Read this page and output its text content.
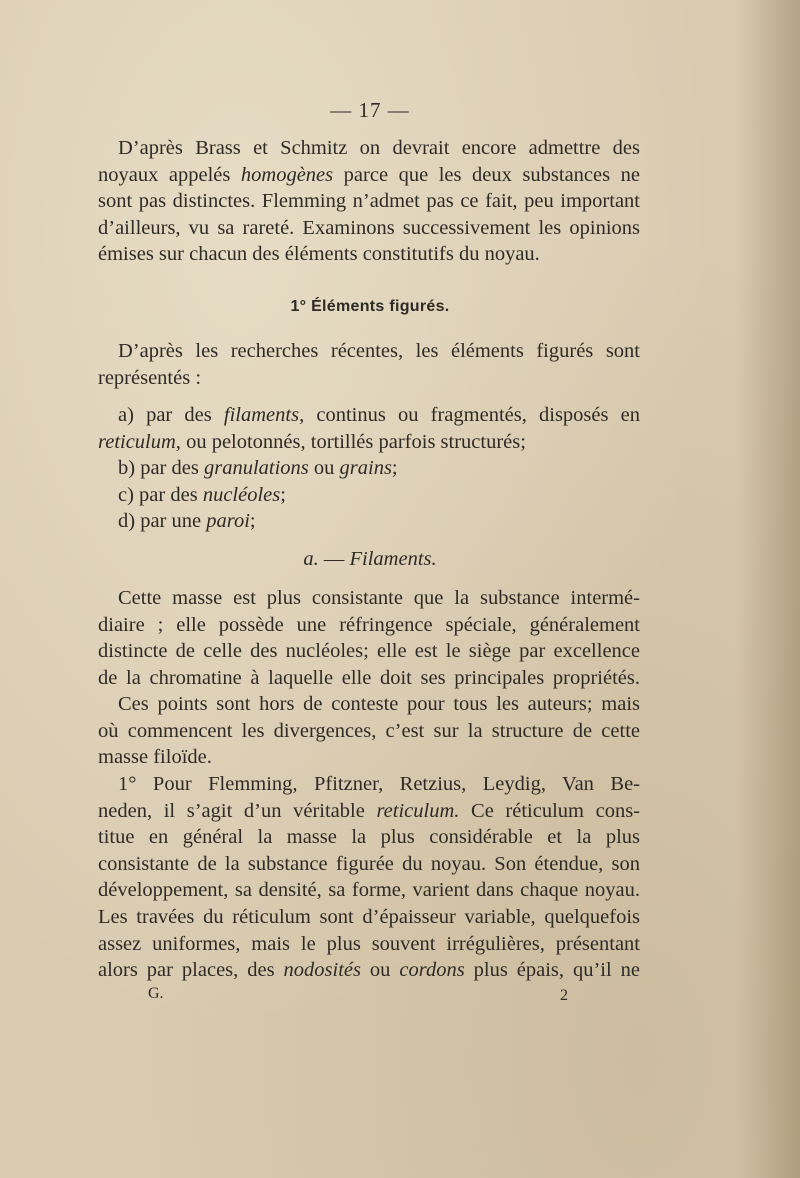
— 17 —
D’après Brass et Schmitz on devrait encore admettre des
noyaux appelés homogènes parce que les deux substances ne
sont pas distinctes. Flemming n’admet pas ce fait, peu important
d’ailleurs, vu sa rareté. Examinons successivement les opinions
émises sur chacun des éléments constitutifs du noyau.
1° Éléments figurés.
D’après les recherches récentes, les éléments figurés sont
représentés :
a) par des filaments, continus ou fragmentés, disposés en
reticulum, ou pelotonnés, tortillés parfois structurés;
b) par des granulations ou grains;
c) par des nucléoles;
d) par une paroi;
a. — Filaments.
Cette masse est plus consistante que la substance intermé-
diaire ; elle possède une réfringence spéciale, généralement
distincte de celle des nucléoles; elle est le siège par excellence
de la chromatine à laquelle elle doit ses principales propriétés.
Ces points sont hors de conteste pour tous les auteurs; mais
où commencent les divergences, c’est sur la structure de cette
masse filoïde.
1° Pour Flemming, Pfitzner, Retzius, Leydig, Van Be-
neden, il s’agit d’un véritable reticulum. Ce réticulum cons-
titue en général la masse la plus considérable et la plus
consistante de la substance figurée du noyau. Son étendue, son
développement, sa densité, sa forme, varient dans chaque noyau.
Les travées du réticulum sont d’épaisseur variable, quelquefois
assez uniformes, mais le plus souvent irrégulières, présentant
alors par places, des nodosités ou cordons plus épais, qu’il ne
G.	2
